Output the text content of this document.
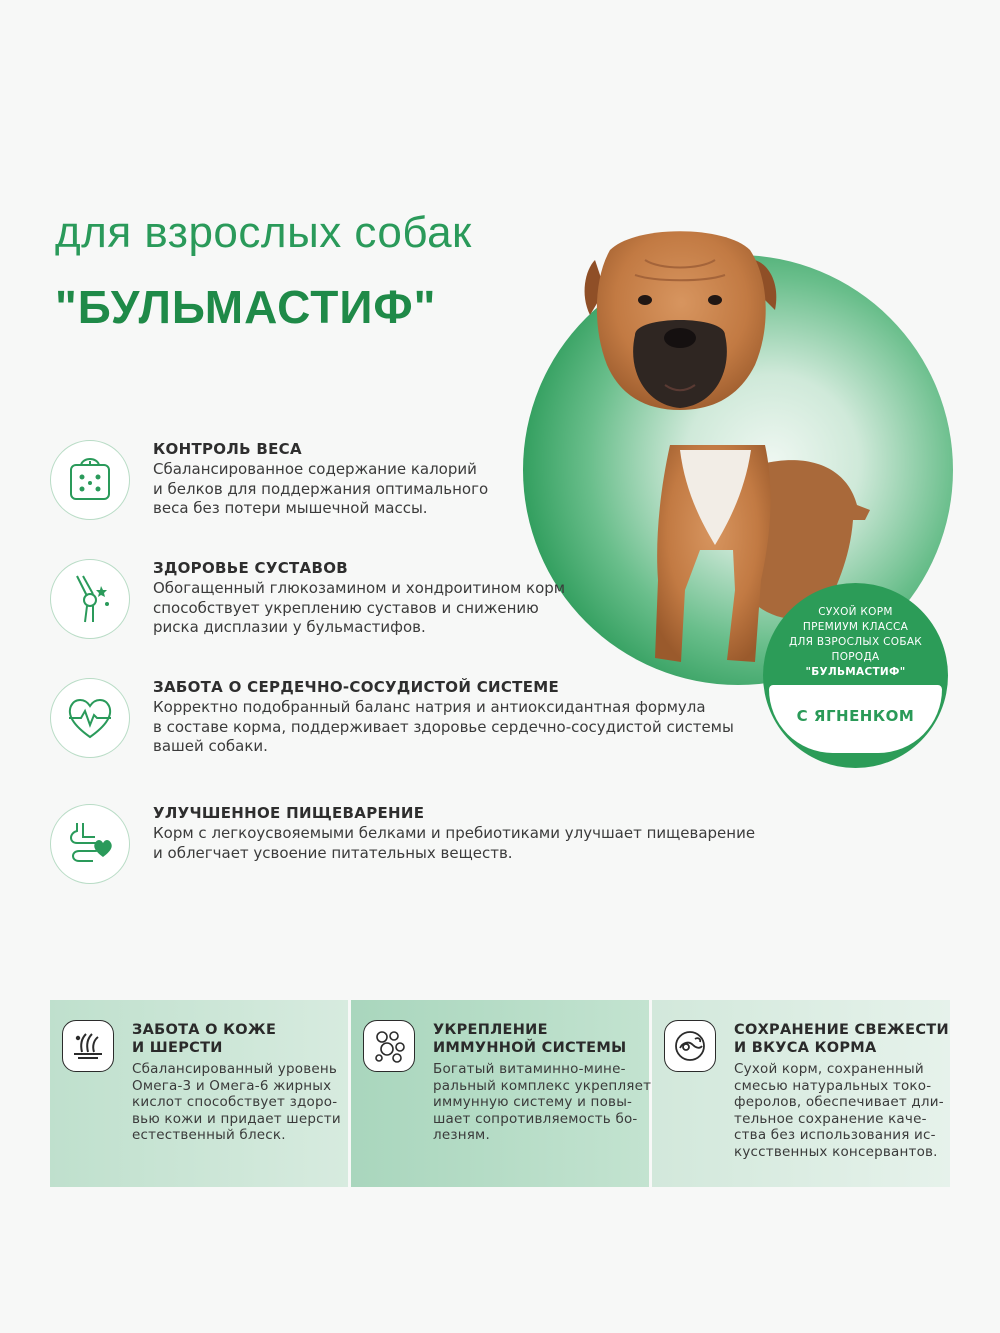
для взрослых собак
"БУЛЬМАСТИФ"
СУХОЙ КОРМ
ПРЕМИУМ КЛАССА
ДЛЯ ВЗРОСЛЫХ СОБАК
ПОРОДА
"БУЛЬМАСТИФ"
С ЯГНЕНКОМ
КОНТРОЛЬ ВЕСА
Сбалансированное содержание калорий
и белков для поддержания оптимального
веса без потери мышечной массы.
ЗДОРОВЬЕ СУСТАВОВ
Обогащенный глюкозамином и хондроитином корм
способствует укреплению суставов и снижению
риска дисплазии у бульмастифов.
ЗАБОТА О СЕРДЕЧНО-СОСУДИСТОЙ СИСТЕМЕ
Корректно подобранный баланс натрия и антиоксидантная формула
в составе корма, поддерживает здоровье сердечно-сосудистой системы
вашей собаки.
УЛУЧШЕННОЕ ПИЩЕВАРЕНИЕ
Корм с легкоусвояемыми белками и пребиотиками улучшает пищеварение
и облегчает усвоение питательных веществ.
ЗАБОТА О КОЖЕ
И ШЕРСТИ
Сбалансированный уровень
Омега-3 и Омега-6 жирных
кислот способствует здоро-
вью кожи и придает шерсти
естественный блеск.
УКРЕПЛЕНИЕ
ИММУННОЙ СИСТЕМЫ
Богатый витаминно-мине-
ральный комплекс укрепляет
иммунную систему и повы-
шает сопротивляемость бо-
лезням.
СОХРАНЕНИЕ СВЕЖЕСТИ
И ВКУСА КОРМА
Сухой корм, сохраненный
смесью натуральных токо-
феролов, обеспечивает дли-
тельное сохранение каче-
ства без использования ис-
кусственных консервантов.
